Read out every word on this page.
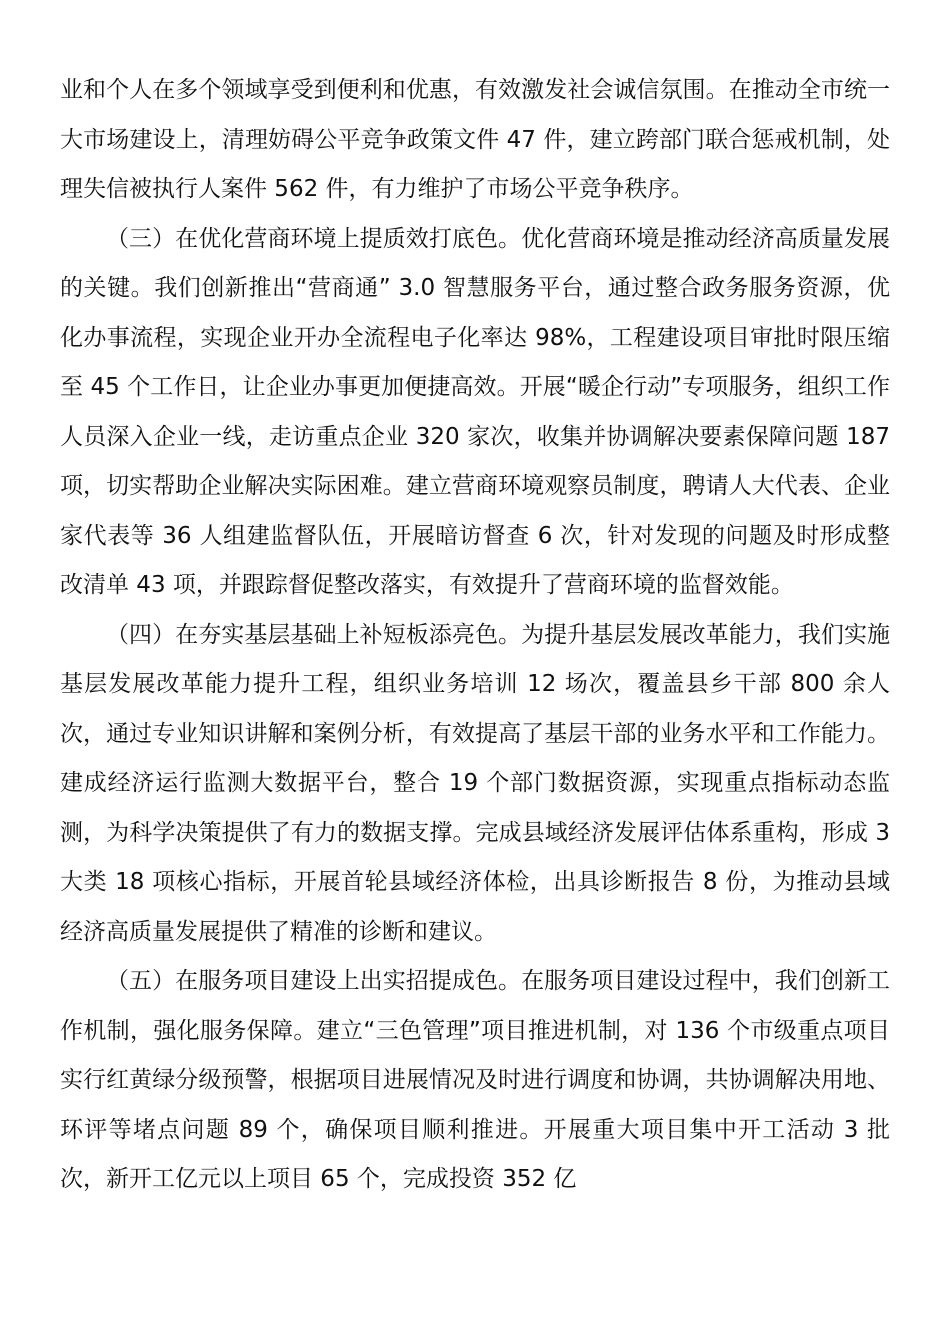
业和个人在多个领域享受到便利和优惠，有效激发社会诚信氛围。在推动全市统一大市场建设上，清理妨碍公平竞争政策文件 47 件，建立跨部门联合惩戒机制，处理失信被执行人案件 562 件，有力维护了市场公平竞争秩序。

（三）在优化营商环境上提质效打底色。优化营商环境是推动经济高质量发展的关键。我们创新推出“营商通” 3.0 智慧服务平台，通过整合政务服务资源，优化办事流程，实现企业开办全流程电子化率达 98%，工程建设项目审批时限压缩至 45 个工作日，让企业办事更加便捷高效。开展“暖企行动”专项服务，组织工作人员深入企业一线，走访重点企业 320 家次，收集并协调解决要素保障问题 187 项，切实帮助企业解决实际困难。建立营商环境观察员制度，聘请人大代表、企业家代表等 36 人组建监督队伍，开展暗访督查 6 次，针对发现的问题及时形成整改清单 43 项，并跟踪督促整改落实，有效提升了营商环境的监督效能。

（四）在夯实基层基础上补短板添亮色。为提升基层发展改革能力，我们实施基层发展改革能力提升工程，组织业务培训 12 场次，覆盖县乡干部 800 余人次，通过专业知识讲解和案例分析，有效提高了基层干部的业务水平和工作能力。建成经济运行监测大数据平台，整合 19 个部门数据资源，实现重点指标动态监测，为科学决策提供了有力的数据支撑。完成县域经济发展评估体系重构，形成 3 大类 18 项核心指标，开展首轮县域经济体检，出具诊断报告 8 份，为推动县域经济高质量发展提供了精准的诊断和建议。

（五）在服务项目建设上出实招提成色。在服务项目建设过程中，我们创新工作机制，强化服务保障。建立“三色管理”项目推进机制，对 136 个市级重点项目实行红黄绿分级预警，根据项目进展情况及时进行调度和协调，共协调解决用地、环评等堵点问题 89 个，确保项目顺利推进。开展重大项目集中开工活动 3 批次，新开工亿元以上项目 65 个，完成投资 352 亿
